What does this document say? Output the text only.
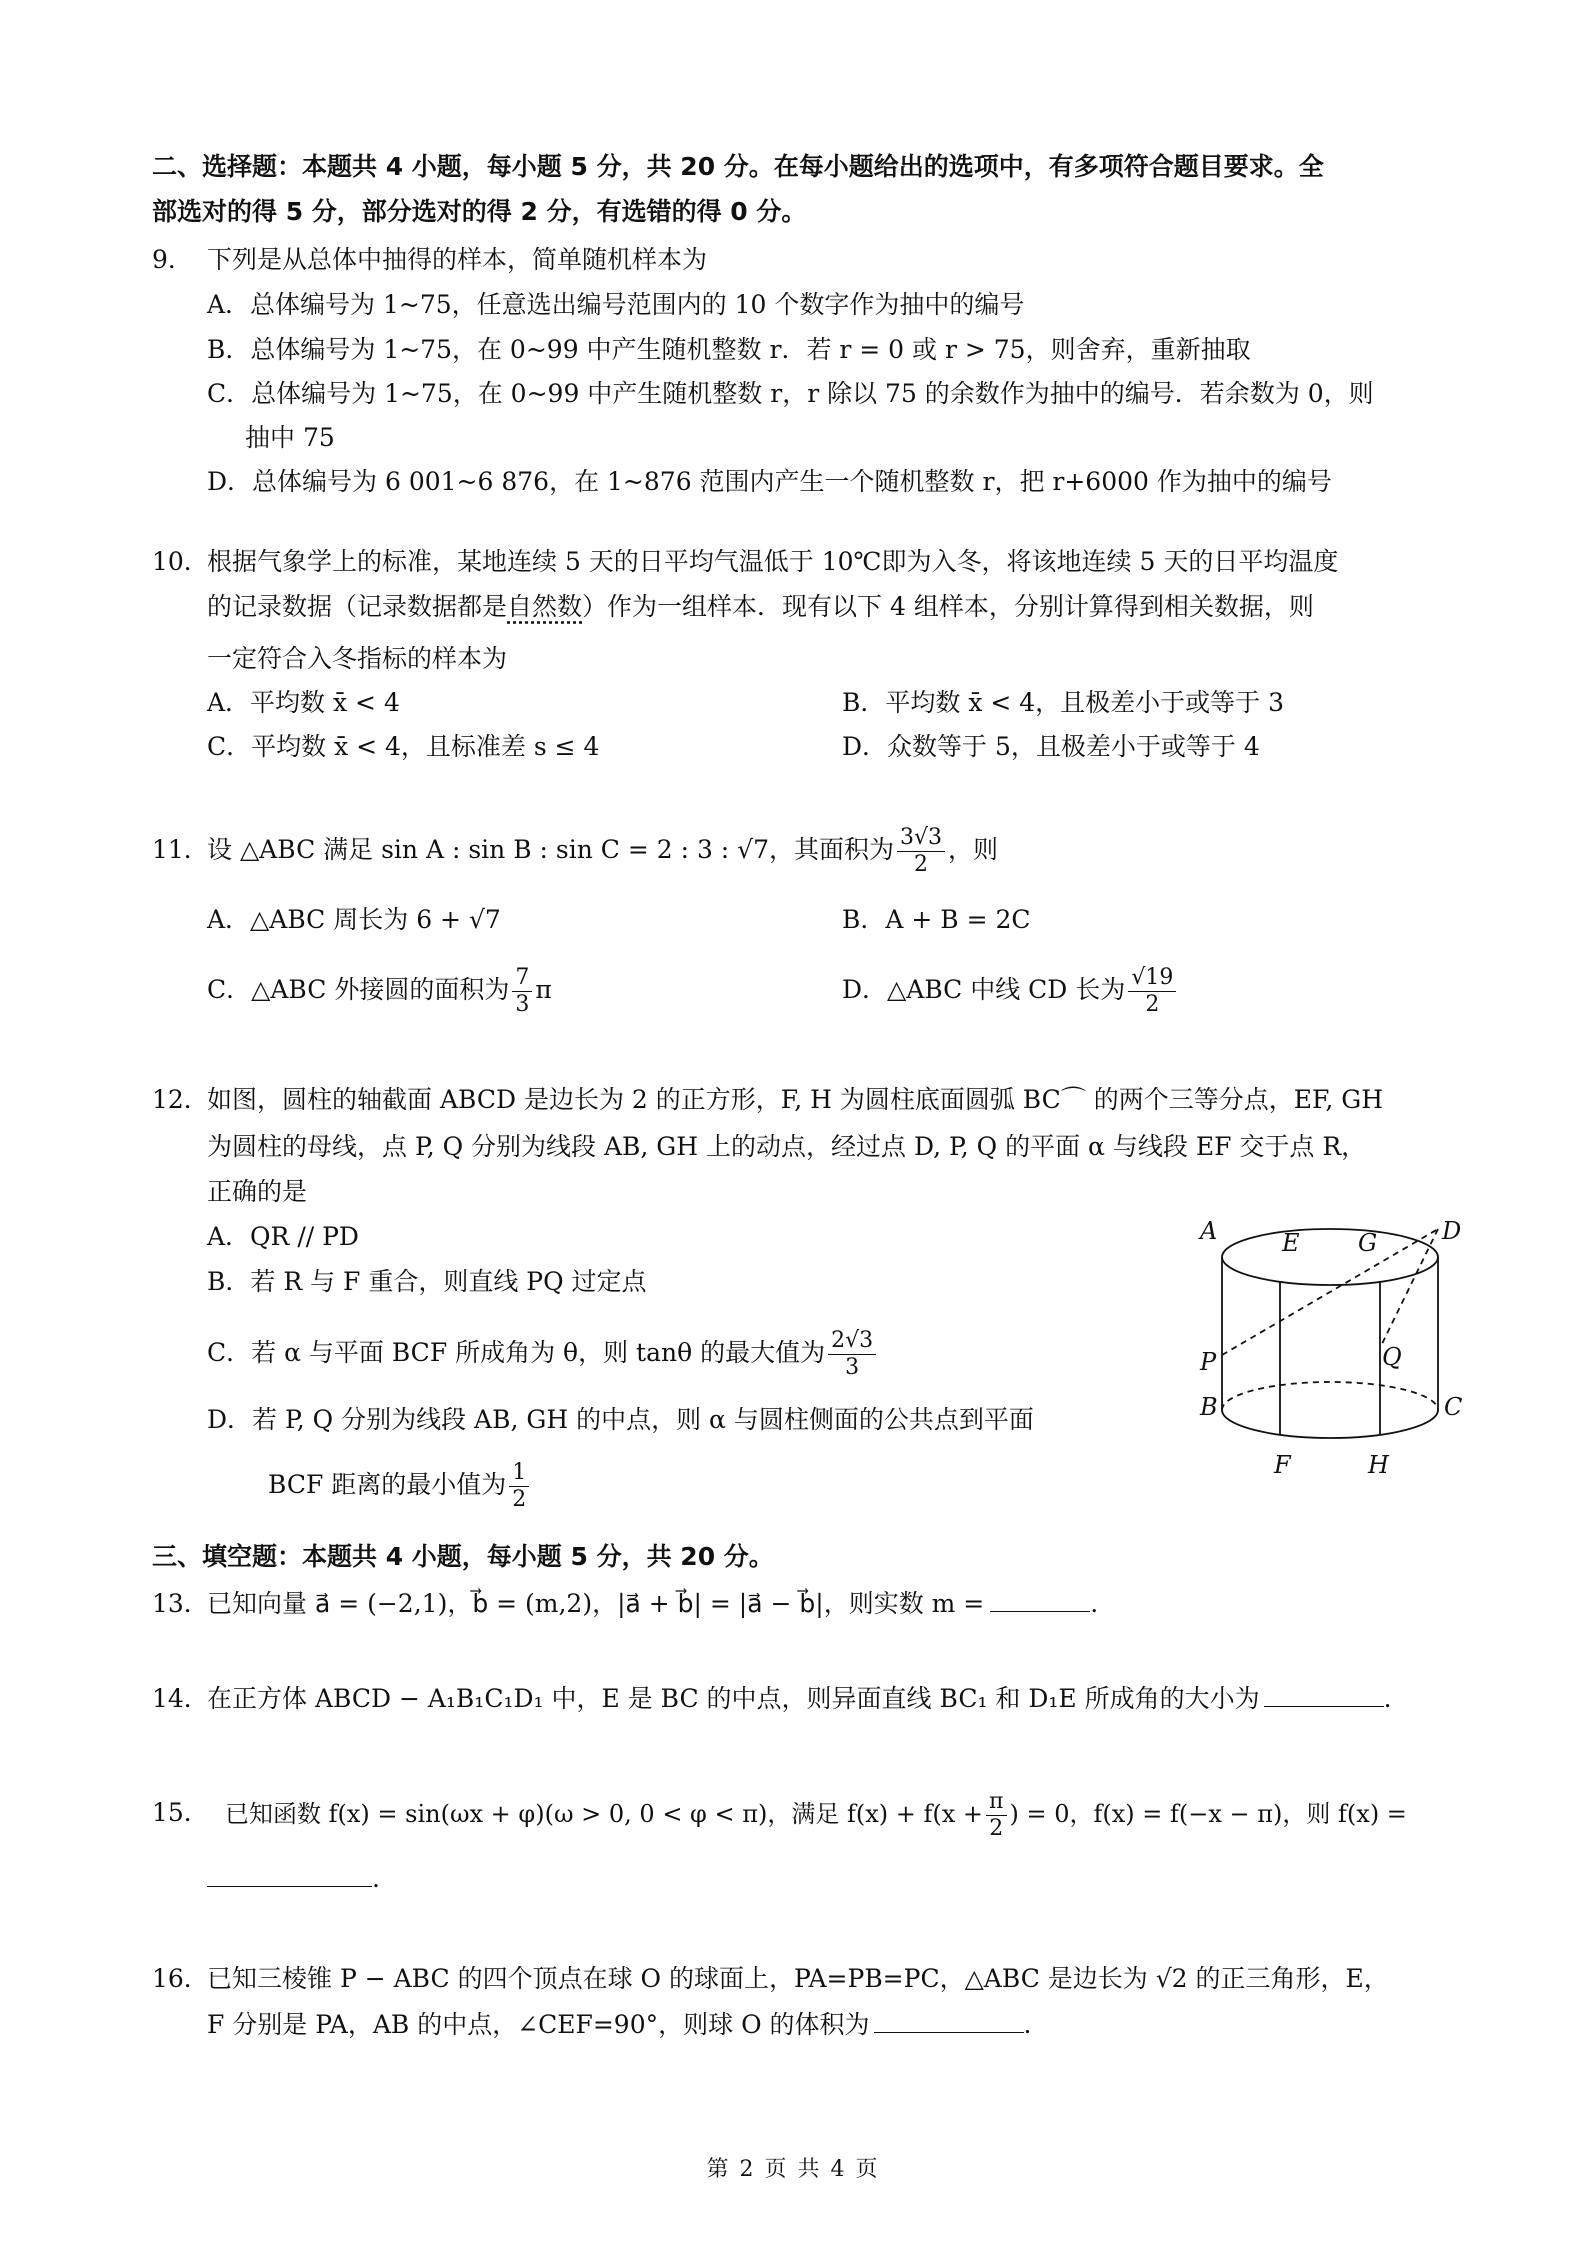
二、选择题：本题共 4 小题，每小题 5 分，共 20 分。在每小题给出的选项中，有多项符合题目要求。全
部选对的得 5 分，部分选对的得 2 分，有选错的得 0 分。
9． 下列是从总体中抽得的样本，简单随机样本为
A．总体编号为 1~75，任意选出编号范围内的 10 个数字作为抽中的编号
B．总体编号为 1~75，在 0~99 中产生随机整数 r．若 r = 0 或 r > 75，则舍弃，重新抽取
C．总体编号为 1~75，在 0~99 中产生随机整数 r，r 除以 75 的余数作为抽中的编号．若余数为 0，则
抽中 75
D．总体编号为 6 001~6 876，在 1~876 范围内产生一个随机整数 r，把 r+6000 作为抽中的编号
10．
根据气象学上的标准，某地连续 5 天的日平均气温低于 10℃即为入冬，将该地连续 5 天的日平均温度
的记录数据（记录数据都是自然数）作为一组样本．现有以下 4 组样本，分别计算得到相关数据，则
一定符合入冬指标的样本为
A．平均数 x̄ < 4	B．平均数 x̄ < 4，且极差小于或等于 3
C．平均数 x̄ < 4，且标准差 s ≤ 4	D．众数等于 5，且极差小于或等于 4
11．
设 △ABC 满足 sin A : sin B : sin C = 2 : 3 : √7，其面积为 $\frac{3√3}{2}$ ，则
A．△ABC 周长为 6 + √7	B．A + B = 2C
C．△ABC 外接圆的面积为 $\frac{7}{3}$ π	D．△ABC 中线 CD 长为 $\frac{√19}{2}$
12．
如图，圆柱的轴截面 ABCD 是边长为 2 的正方形，F, H 为圆柱底面圆弧 BC⌒ 的两个三等分点，EF, GH
为圆柱的母线，点 P, Q 分别为线段 AB, GH 上的动点，经过点 D, P, Q 的平面 α 与线段 EF 交于点 R，
正确的是
A．QR // PD
B．若 R 与 F 重合，则直线 PQ 过定点
C．若 α 与平面 BCF 所成角为 θ，则 tanθ 的最大值为 $\frac{2√3}{3}$
D．若 P, Q 分别为线段 AB, GH 的中点，则 α 与圆柱侧面的公共点到平面
BCF 距离的最小值为 $\frac{1}{2}$
A	E G	D
Q
P
B	C
F	H
三、填空题：本题共 4 小题，每小题 5 分，共 20 分。
13．
已知向量 a⃗ = (−2,1)，b⃗ = (m,2)，|a⃗ + b⃗| = |a⃗ − b⃗|，则实数 m =	.
14．
在正方体 ABCD − A₁B₁C₁D₁ 中，E 是 BC 的中点，则异面直线 BC₁ 和 D₁E 所成角的大小为	.
15． 已知函数 f(x) = sin(ωx + φ)(ω > 0, 0 < φ < π)，满足 $f(x) + f(x + \frac{\pi}{2}$ ) = 0，f(x) = f(−x − π)，则 f(x) =
.
16．
已知三棱锥 P − ABC 的四个顶点在球 O 的球面上，PA=PB=PC，△ABC 是边长为 √2 的正三角形，E，
F 分别是 PA，AB 的中点，∠CEF=90°，则球 O 的体积为	.
第 2 页 共 4 页
